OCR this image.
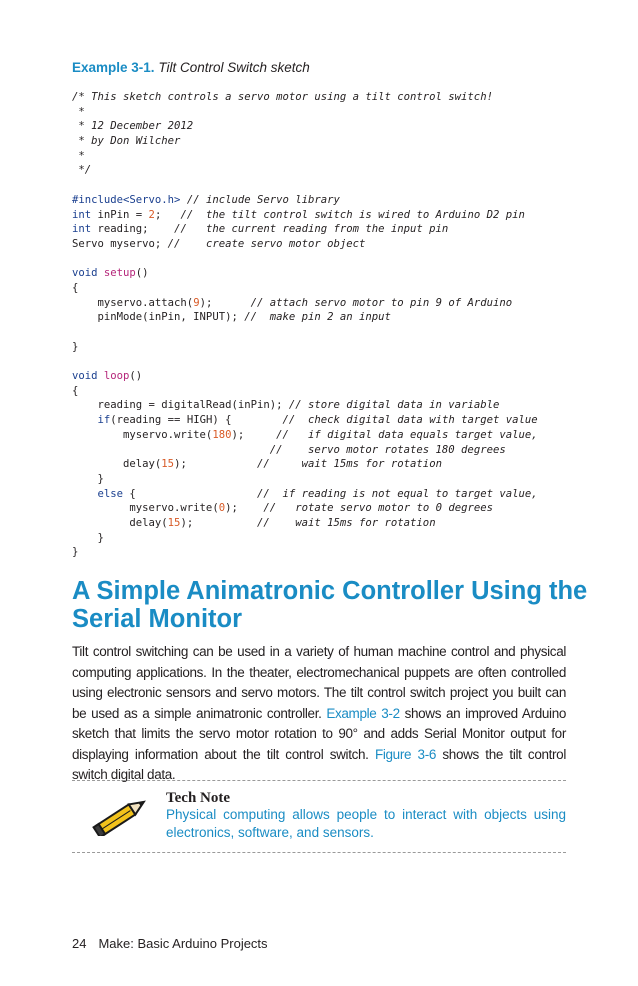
Example 3-1. Tilt Control Switch sketch
/* This sketch controls a servo motor using a tilt control switch!
*
* 12 December 2012
* by Don Wilcher
*
*/
#include<Servo.h> // include Servo library
int inPin = 2;   //  the tilt control switch is wired to Arduino D2 pin
int reading;    //   the current reading from the input pin
Servo myservo; //    create servo motor object
void setup()
{
myservo.attach(9);      // attach servo motor to pin 9 of Arduino
pinMode(inPin, INPUT); //  make pin 2 an input
}
void loop()
{
reading = digitalRead(inPin); // store digital data in variable
if(reading == HIGH) {        //  check digital data with target value
myservo.write(180);     //   if digital data equals target value,
//    servo motor rotates 180 degrees
delay(15);           //     wait 15ms for rotation
}
else {                   //  if reading is not equal to target value,
myservo.write(0);    //   rotate servo motor to 0 degrees
delay(15);          //    wait 15ms for rotation
}
}
A Simple Animatronic Controller Using the Serial Monitor

Tilt control switching can be used in a variety of human machine control and physical computing applications. In the theater, electromechanical puppets are often controlled using electronic sensors and servo motors. The tilt control switch project you built can be used as a simple animatronic controller. Example 3-2 shows an improved Arduino sketch that limits the servo motor rotation to 90° and adds Serial Monitor output for displaying information about the tilt control switch. Figure 3-6 shows the tilt control switch digital data.

Tech Note

Physical computing allows people to interact with objects using electronics, software, and sensors.

24 Make: Basic Arduino Projects
